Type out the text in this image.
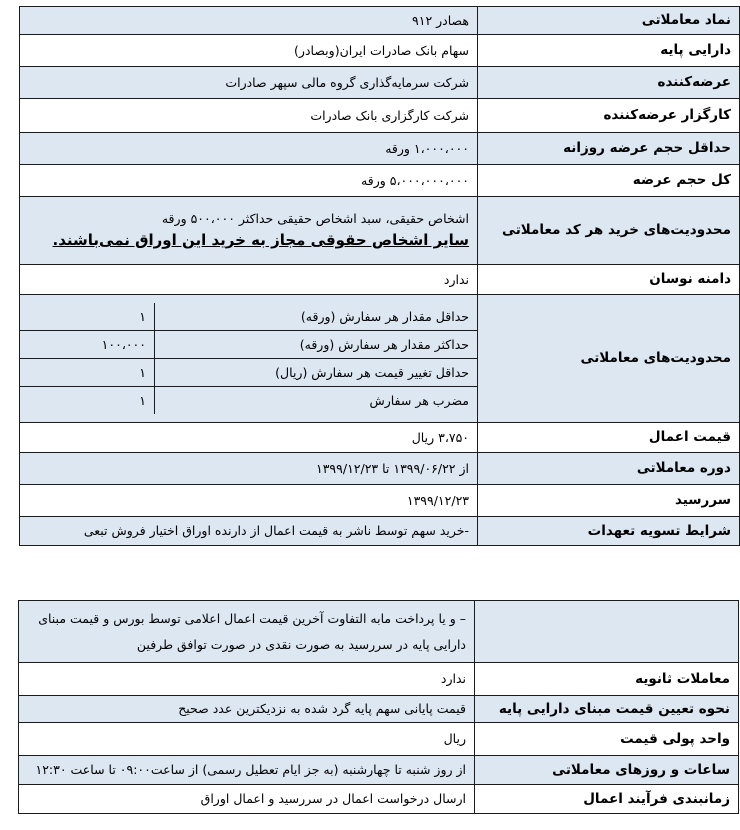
نماد معاملاتی	هصادر ۹۱۲
دارایی پایه	سهام بانک صادرات ایران(وبصادر)
عرضه‌کننده	شرکت سرمایه‌گذاری گروه مالی سپهر صادرات
کارگزار عرضه‌کننده	شرکت کارگزاری بانک صادرات
حداقل حجم عرضه روزانه	۱،۰۰۰،۰۰۰ ورقه
کل حجم عرضه	۵،۰۰۰،۰۰۰،۰۰۰ ورقه
محدودیت‌های خرید هر کد معاملاتی	اشخاص حقیقی، سبد اشخاص حقیقی حداکثر ۵۰۰،۰۰۰ ورقه
سایر اشخاص حقوقی مجاز به خرید این اوراق نمی‌باشند.

دامنه نوسان	ندارد
محدودیت‌های معاملاتی	
حداقل مقدار هر سفارش (ورقه)	۱
حداکثر مقدار هر سفارش (ورقه)	۱۰۰،۰۰۰
حداقل تغییر قیمت هر سفارش (ریال)	۱
مضرب هر سفارش	۱

قیمت اعمال	۳،۷۵۰ ریال
دوره معاملاتی	از ۱۳۹۹/۰۶/۲۲ تا ۱۳۹۹/۱۲/۲۳
سررسید	۱۳۹۹/۱۲/۲۳
شرایط تسویه تعهدات	-خرید سهم توسط ناشر به قیمت اعمال از دارنده اوراق اختیار فروش تبعی
	– و یا پرداخت مابه التفاوت آخرین قیمت اعمال اعلامی توسط بورس و قیمت مبنای دارایی پایه در سررسید به صورت نقدی در صورت توافق طرفین
معاملات ثانویه	ندارد
نحوه تعیین قیمت مبنای دارایی پایه	قیمت پایانی سهم پایه گرد شده به نزدیکترین عدد صحیح
واحد پولی قیمت	ریال
ساعات و روزهای معاملاتی	از روز شنبه تا چهارشنبه (به جز ایام تعطیل رسمی) از ساعت۰۹:۰۰ تا ساعت ۱۲:۳۰
زمانبندی فرآیند اعمال	ارسال درخواست اعمال در سررسید و اعمال اوراق
